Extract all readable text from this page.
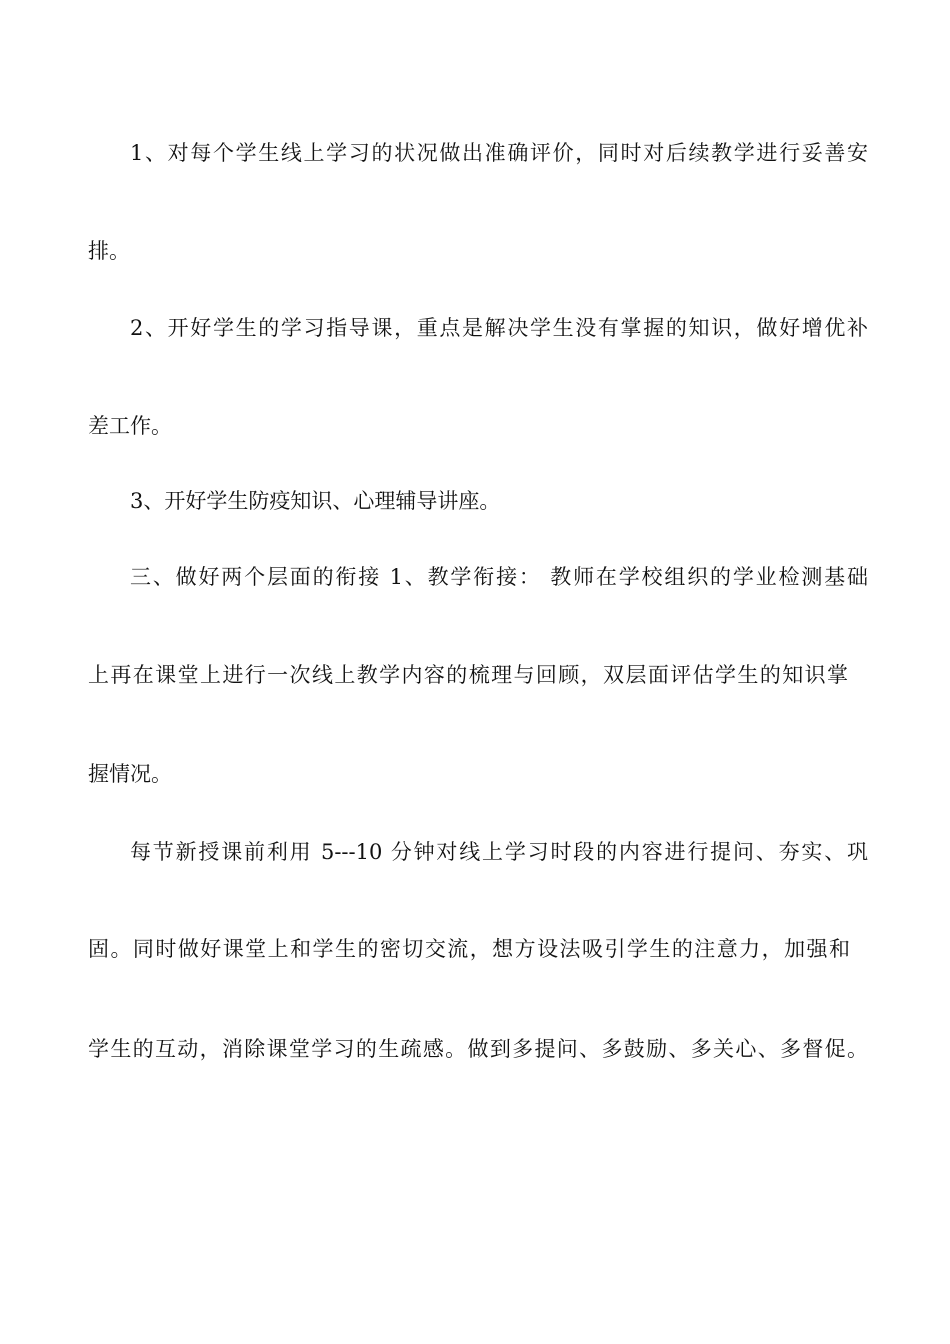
1、对每个学生线上学习的状况做出准确评价，同时对后续教学进行妥善安
排。
2、开好学生的学习指导课，重点是解决学生没有掌握的知识，做好增优补
差工作。
3、开好学生防疫知识、心理辅导讲座。
三、做好两个层面的衔接 1、教学衔接： 教师在学校组织的学业检测基础
上再在课堂上进行一次线上教学内容的梳理与回顾，双层面评估学生的知识掌
握情况。
每节新授课前利用 5---10 分钟对线上学习时段的内容进行提问、夯实、巩
固。同时做好课堂上和学生的密切交流，想方设法吸引学生的注意力，加强和
学生的互动，消除课堂学习的生疏感。做到多提问、多鼓励、多关心、多督促。
